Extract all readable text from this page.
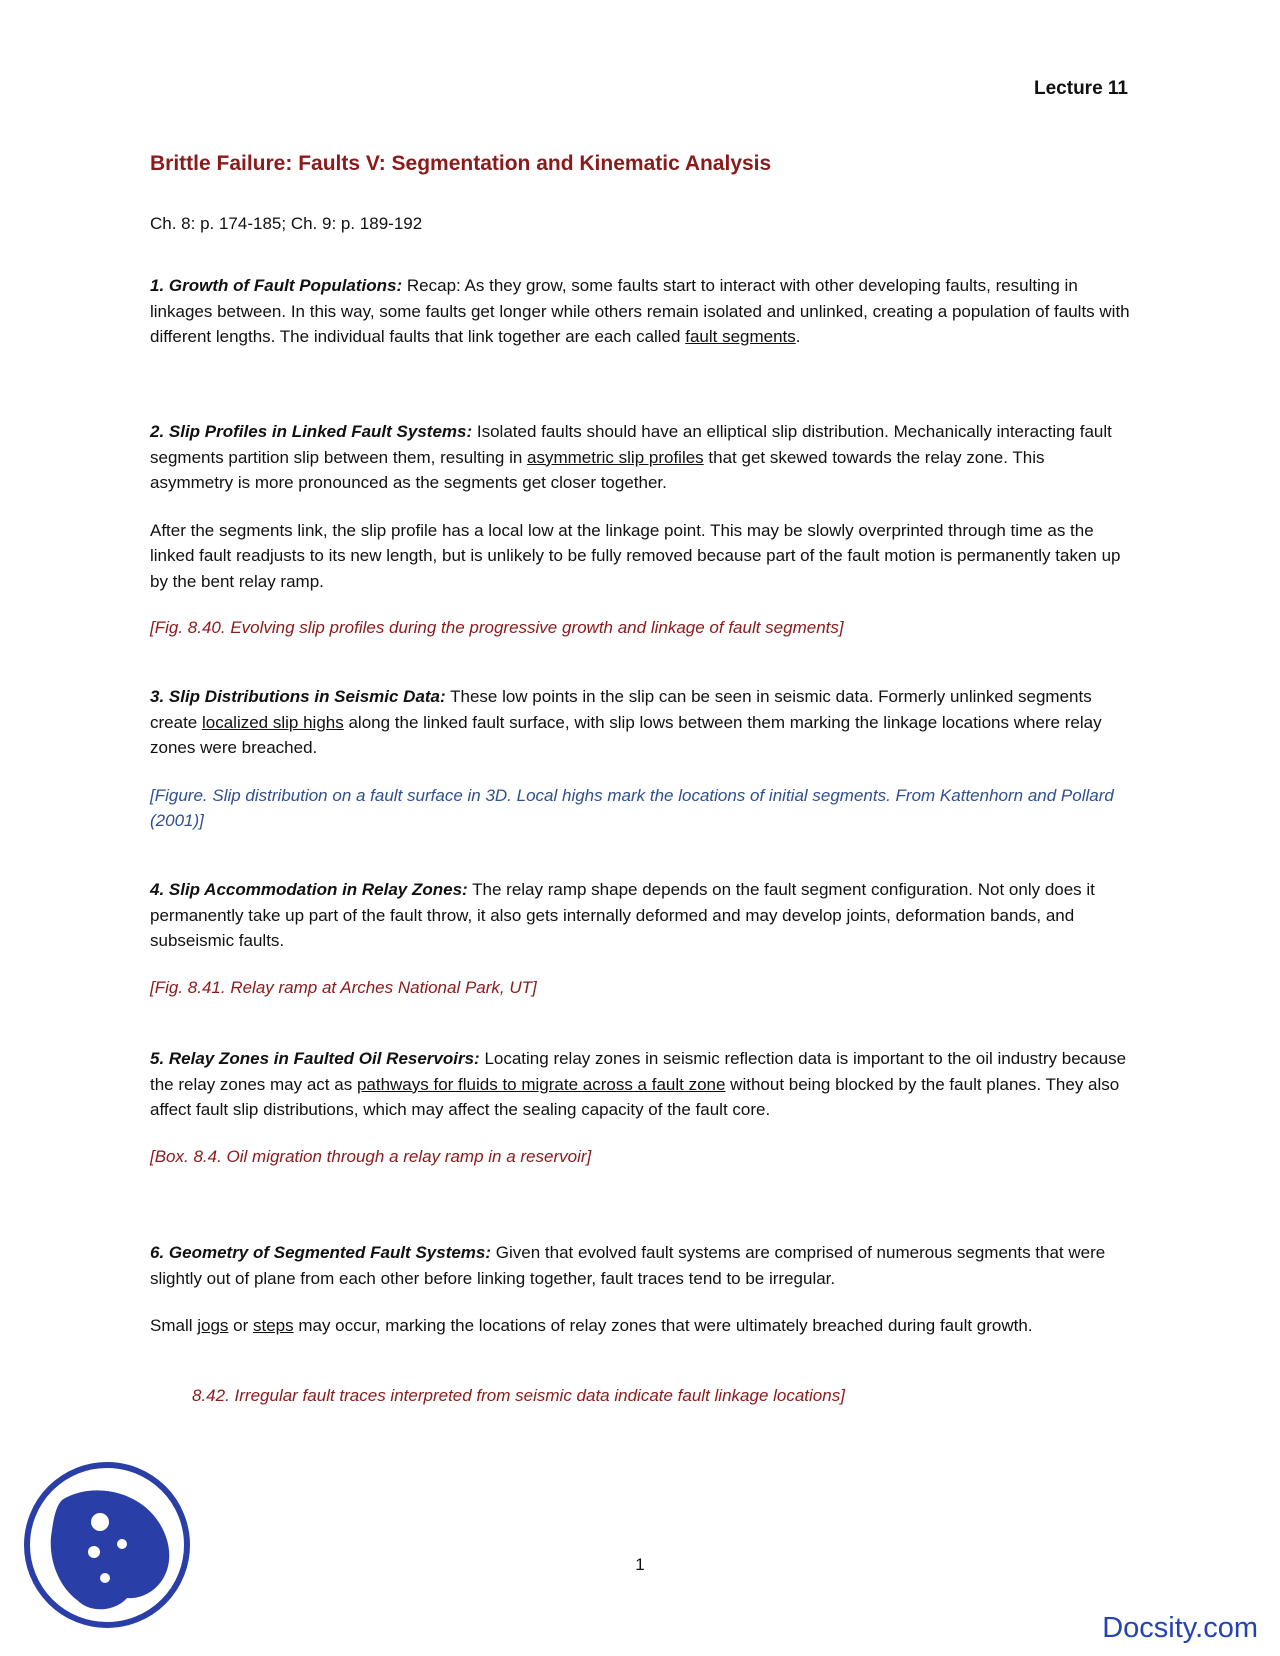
Lecture 11
Brittle Failure: Faults V: Segmentation and Kinematic Analysis
Ch. 8: p. 174-185; Ch. 9: p. 189-192

1. Growth of Fault Populations: Recap: As they grow, some faults start to interact with other developing faults, resulting in linkages between. In this way, some faults get longer while others remain isolated and unlinked, creating a population of faults with different lengths. The individual faults that link together are each called fault segments.

2. Slip Profiles in Linked Fault Systems: Isolated faults should have an elliptical slip distribution. Mechanically interacting fault segments partition slip between them, resulting in asymmetric slip profiles that get skewed towards the relay zone. This asymmetry is more pronounced as the segments get closer together.

After the segments link, the slip profile has a local low at the linkage point. This may be slowly overprinted through time as the linked fault readjusts to its new length, but is unlikely to be fully removed because part of the fault motion is permanently taken up by the bent relay ramp.

[Fig. 8.40. Evolving slip profiles during the progressive growth and linkage of fault segments]

3. Slip Distributions in Seismic Data: These low points in the slip can be seen in seismic data. Formerly unlinked segments create localized slip highs along the linked fault surface, with slip lows between them marking the linkage locations where relay zones were breached.

[Figure. Slip distribution on a fault surface in 3D. Local highs mark the locations of initial segments. From Kattenhorn and Pollard (2001)]

4. Slip Accommodation in Relay Zones: The relay ramp shape depends on the fault segment configuration. Not only does it permanently take up part of the fault throw, it also gets internally deformed and may develop joints, deformation bands, and subseismic faults.

[Fig. 8.41. Relay ramp at Arches National Park, UT]

5. Relay Zones in Faulted Oil Reservoirs: Locating relay zones in seismic reflection data is important to the oil industry because the relay zones may act as pathways for fluids to migrate across a fault zone without being blocked by the fault planes. They also affect fault slip distributions, which may affect the sealing capacity of the fault core.

[Box. 8.4. Oil migration through a relay ramp in a reservoir]

6. Geometry of Segmented Fault Systems: Given that evolved fault systems are comprised of numerous segments that were slightly out of plane from each other before linking together, fault traces tend to be irregular.

Small jogs or steps may occur, marking the locations of relay zones that were ultimately breached during fault growth.

8.42. Irregular fault traces interpreted from seismic data indicate fault linkage locations]

1
Docsity.com
